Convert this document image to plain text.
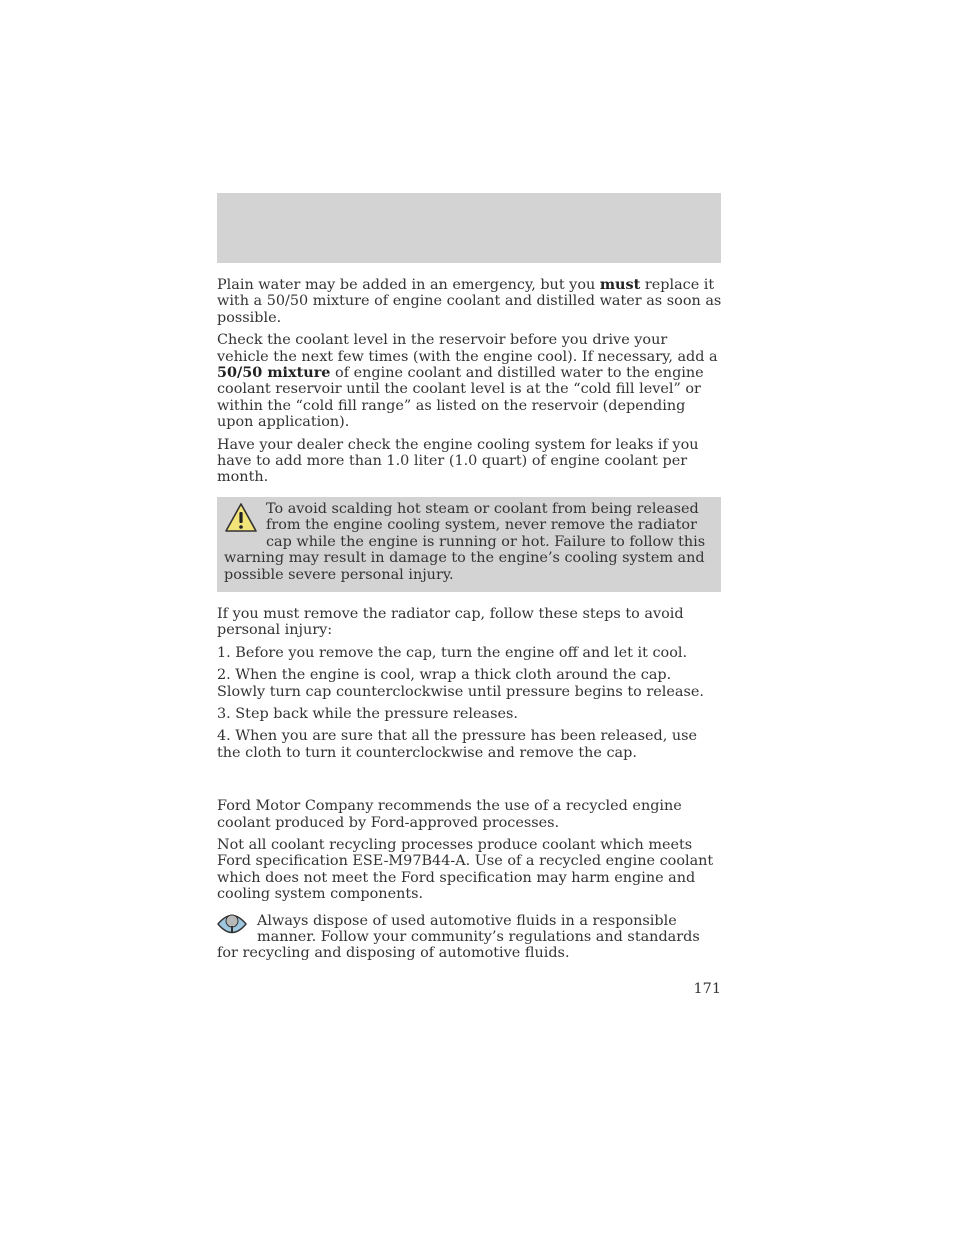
Plain water may be added in an emergency, but you must replace it with a 50/50 mixture of engine coolant and distilled water as soon as possible.

Check the coolant level in the reservoir before you drive your vehicle the next few times (with the engine cool). If necessary, add a 50/50 mixture of engine coolant and distilled water to the engine coolant reservoir until the coolant level is at the “cold fill level” or within the “cold fill range” as listed on the reservoir (depending upon application).

Have your dealer check the engine cooling system for leaks if you have to add more than 1.0 liter (1.0 quart) of engine coolant per month.

To avoid scalding hot steam or coolant from being released from the engine cooling system, never remove the radiator cap while the engine is running or hot. Failure to follow this warning may result in damage to the engine’s cooling system and possible severe personal injury.

If you must remove the radiator cap, follow these steps to avoid personal injury:

1. Before you remove the cap, turn the engine off and let it cool.

2. When the engine is cool, wrap a thick cloth around the cap. Slowly turn cap counterclockwise until pressure begins to release.

3. Step back while the pressure releases.

4. When you are sure that all the pressure has been released, use the cloth to turn it counterclockwise and remove the cap.

Ford Motor Company recommends the use of a recycled engine coolant produced by Ford-approved processes.

Not all coolant recycling processes produce coolant which meets Ford specification ESE-M97B44-A. Use of a recycled engine coolant which does not meet the Ford specification may harm engine and cooling system components.

Always dispose of used automotive fluids in a responsible manner. Follow your community’s regulations and standards for recycling and disposing of automotive fluids.

171
